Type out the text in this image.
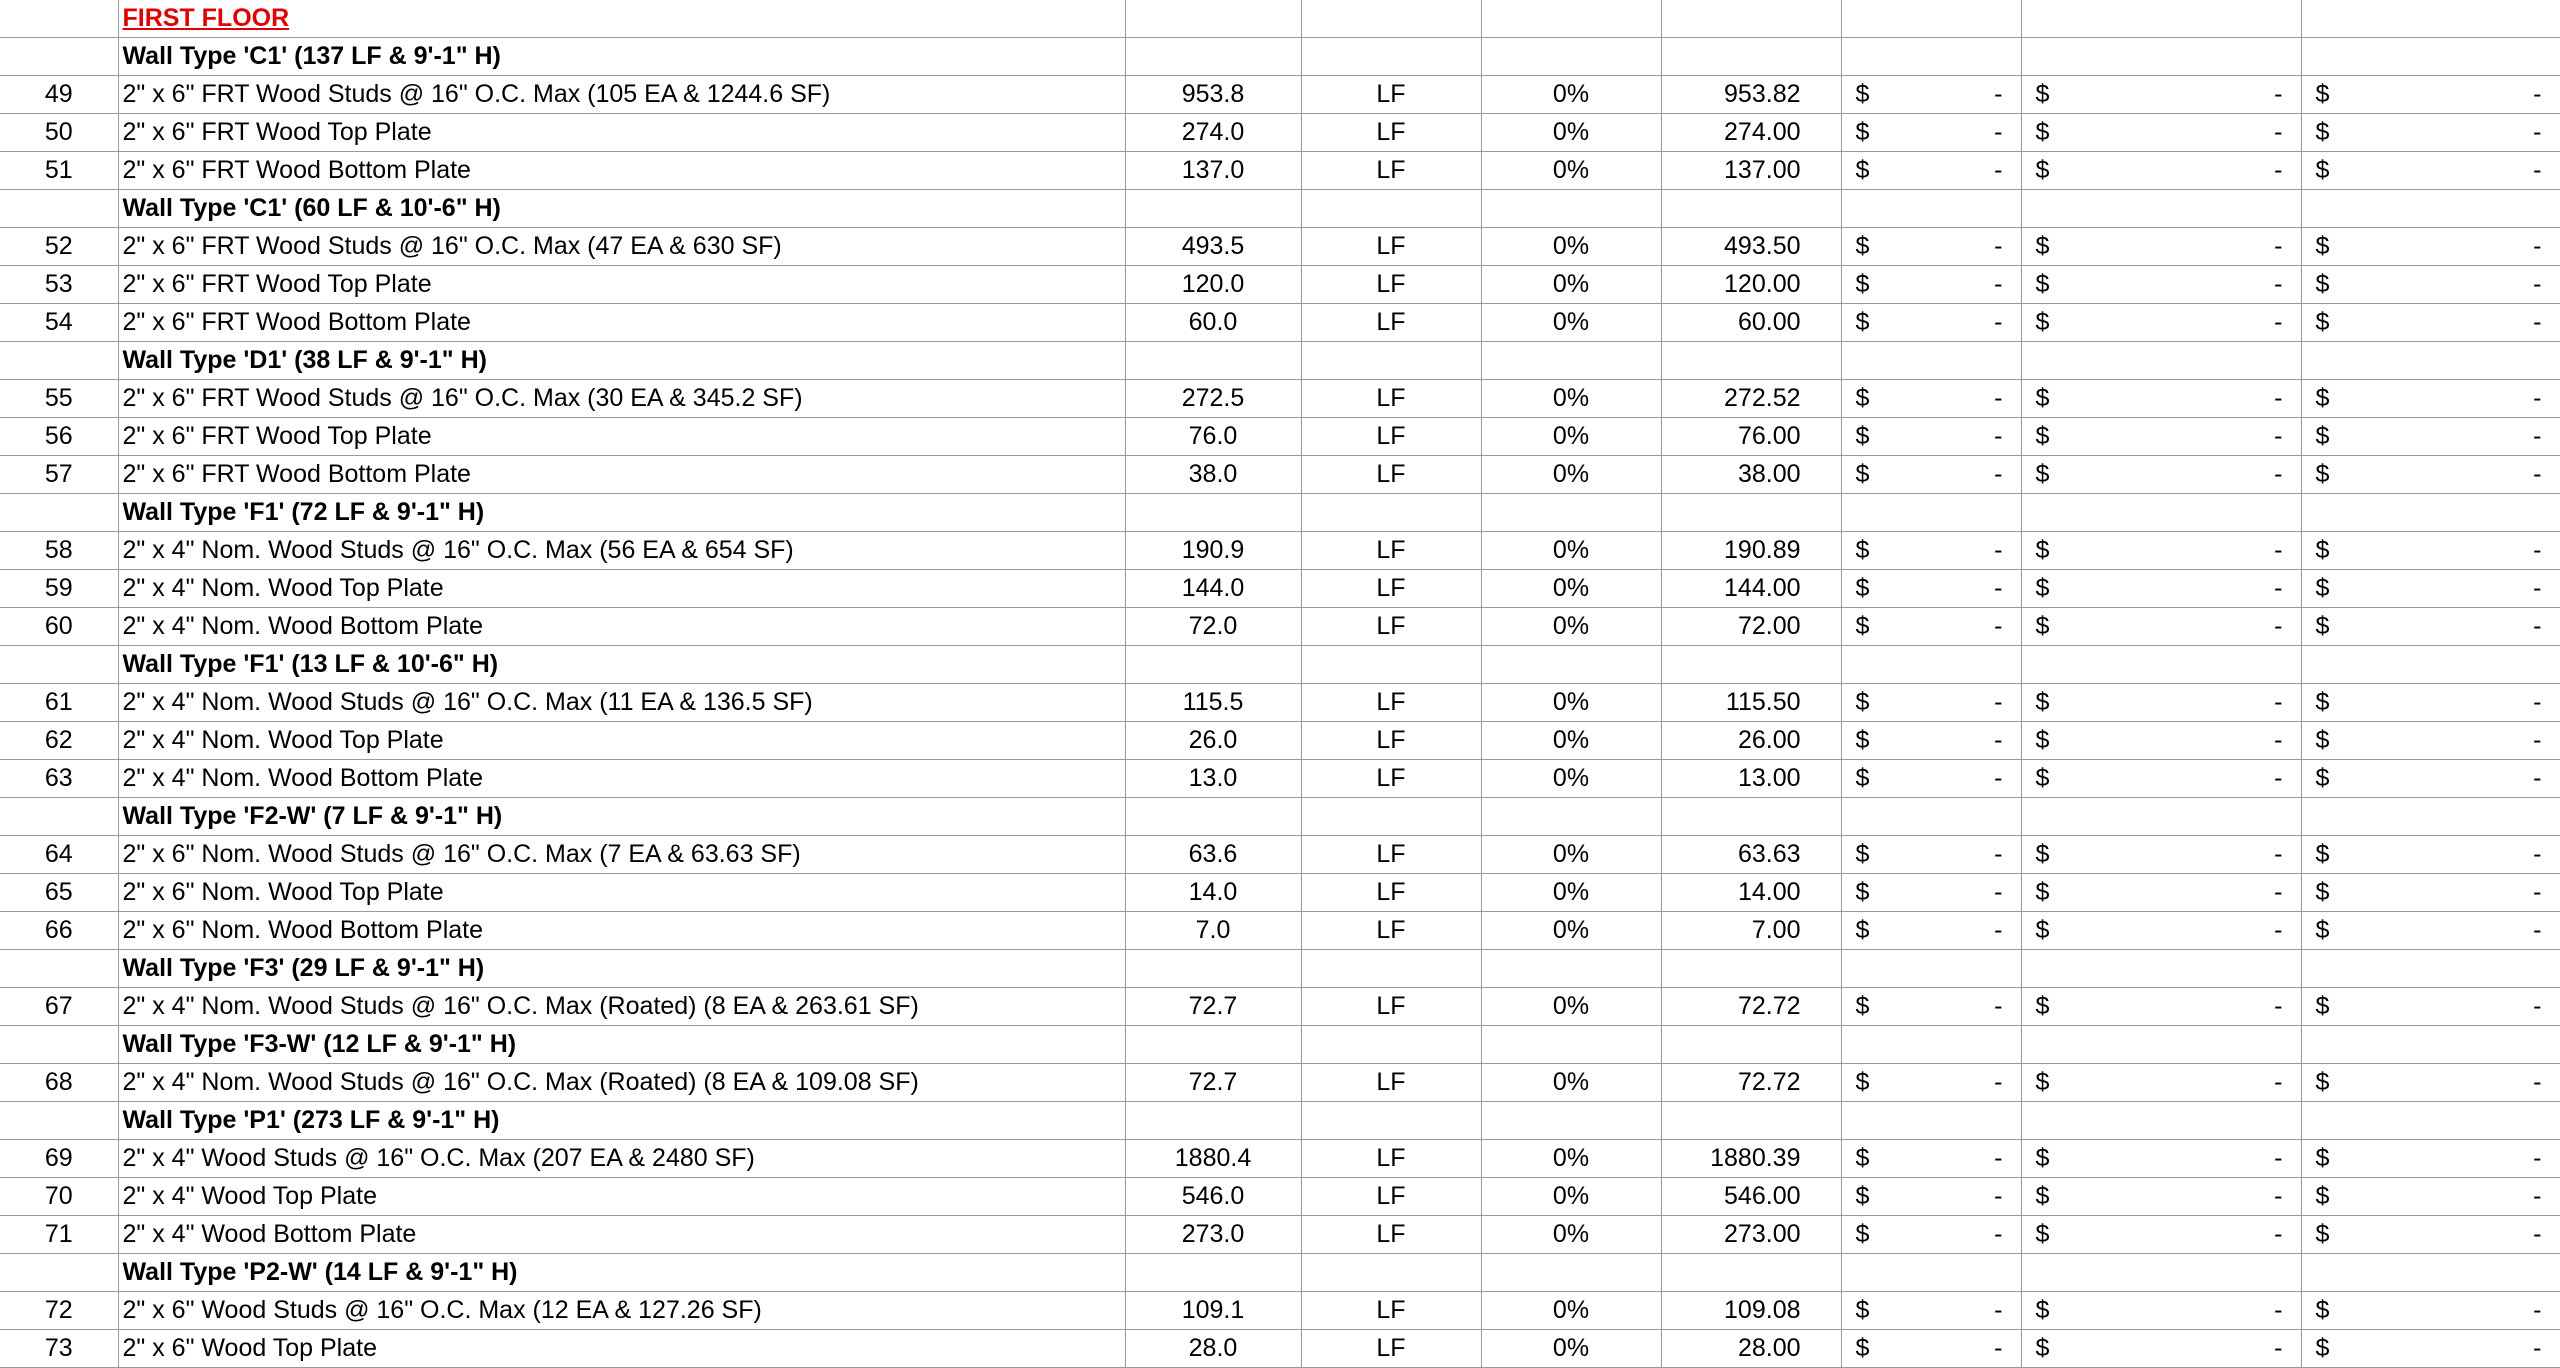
	FIRST FLOOR							
	Wall Type 'C1' (137 LF & 9'-1" H)							
49	2" x 6" FRT Wood Studs @ 16" O.C. Max (105 EA & 1244.6 SF)	953.8	LF	0%	953.82	$ -	$ -	$ -

50	2" x 6" FRT Wood Top Plate	274.0	LF	0%	274.00	$ -	$ -	$ -

51	2" x 6" FRT Wood Bottom Plate	137.0	LF	0%	137.00	$ -	$ -	$ -

	Wall Type 'C1' (60 LF & 10'-6" H)							
52	2" x 6" FRT Wood Studs @ 16" O.C. Max (47 EA & 630 SF)	493.5	LF	0%	493.50	$ -	$ -	$ -

53	2" x 6" FRT Wood Top Plate	120.0	LF	0%	120.00	$ -	$ -	$ -

54	2" x 6" FRT Wood Bottom Plate	60.0	LF	0%	60.00	$ -	$ -	$ -

	Wall Type 'D1' (38 LF & 9'-1" H)							
55	2" x 6" FRT Wood Studs @ 16" O.C. Max (30 EA & 345.2 SF)	272.5	LF	0%	272.52	$ -	$ -	$ -

56	2" x 6" FRT Wood Top Plate	76.0	LF	0%	76.00	$ -	$ -	$ -

57	2" x 6" FRT Wood Bottom Plate	38.0	LF	0%	38.00	$ -	$ -	$ -

	Wall Type 'F1' (72 LF & 9'-1" H)							
58	2" x 4" Nom. Wood Studs @ 16" O.C. Max (56 EA & 654 SF)	190.9	LF	0%	190.89	$ -	$ -	$ -

59	2" x 4" Nom. Wood Top Plate	144.0	LF	0%	144.00	$ -	$ -	$ -

60	2" x 4" Nom. Wood Bottom Plate	72.0	LF	0%	72.00	$ -	$ -	$ -

	Wall Type 'F1' (13 LF & 10'-6" H)							
61	2" x 4" Nom. Wood Studs @ 16" O.C. Max (11 EA & 136.5 SF)	115.5	LF	0%	115.50	$ -	$ -	$ -

62	2" x 4" Nom. Wood Top Plate	26.0	LF	0%	26.00	$ -	$ -	$ -

63	2" x 4" Nom. Wood Bottom Plate	13.0	LF	0%	13.00	$ -	$ -	$ -

	Wall Type 'F2-W' (7 LF & 9'-1" H)							
64	2" x 6" Nom. Wood Studs @ 16" O.C. Max (7 EA & 63.63 SF)	63.6	LF	0%	63.63	$ -	$ -	$ -

65	2" x 6" Nom. Wood Top Plate	14.0	LF	0%	14.00	$ -	$ -	$ -

66	2" x 6" Nom. Wood Bottom Plate	7.0	LF	0%	7.00	$ -	$ -	$ -

	Wall Type 'F3' (29 LF & 9'-1" H)							
67	2" x 4" Nom. Wood Studs @ 16" O.C. Max (Roated) (8 EA & 263.61 SF)	72.7	LF	0%	72.72	$ -	$ -	$ -

	Wall Type 'F3-W' (12 LF & 9'-1" H)							
68	2" x 4" Nom. Wood Studs @ 16" O.C. Max (Roated) (8 EA & 109.08 SF)	72.7	LF	0%	72.72	$ -	$ -	$ -

	Wall Type 'P1' (273 LF & 9'-1" H)							
69	2" x 4" Wood Studs @ 16" O.C. Max (207 EA & 2480 SF)	1880.4	LF	0%	1880.39	$ -	$ -	$ -

70	2" x 4" Wood Top Plate	546.0	LF	0%	546.00	$ -	$ -	$ -

71	2" x 4" Wood Bottom Plate	273.0	LF	0%	273.00	$ -	$ -	$ -

	Wall Type 'P2-W' (14 LF & 9'-1" H)							
72	2" x 6" Wood Studs @ 16" O.C. Max (12 EA & 127.26 SF)	109.1	LF	0%	109.08	$ -	$ -	$ -

73	2" x 6" Wood Top Plate	28.0	LF	0%	28.00	$ -	$ -	$ -
